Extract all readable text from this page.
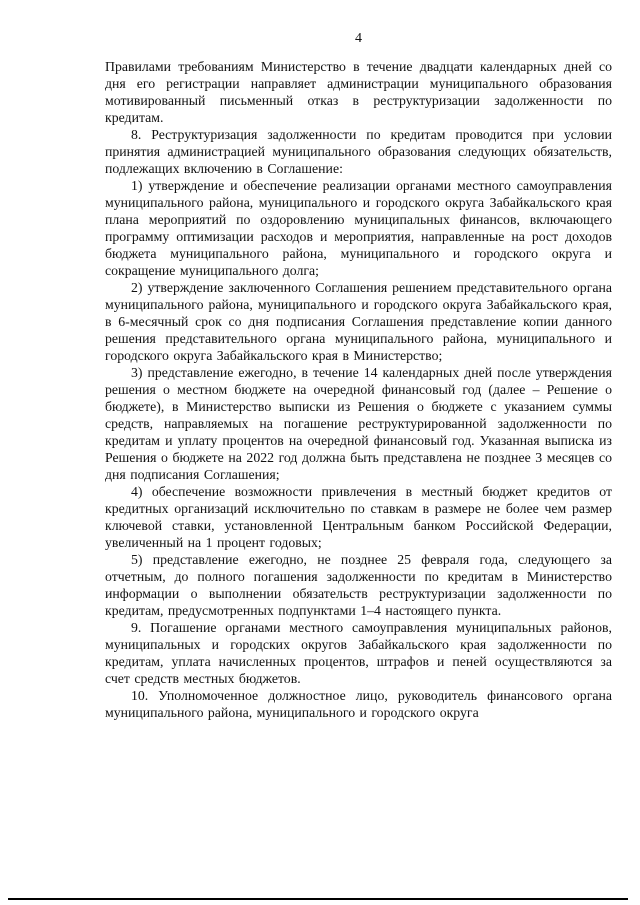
4

Правилами требованиям Министерство в течение двадцати календарных дней со дня его регистрации направляет администрации муниципального образования мотивированный письменный отказ в реструктуризации задолженности по кредитам.

8. Реструктуризация задолженности по кредитам проводится при условии принятия администрацией муниципального образования следующих обязательств, подлежащих включению в Соглашение:

1) утверждение и обеспечение реализации органами местного самоуправления муниципального района, муниципального и городского округа Забайкальского края плана мероприятий по оздоровлению муниципальных финансов, включающего программу оптимизации расходов и мероприятия, направленные на рост доходов бюджета муниципального района, муниципального и городского округа и сокращение муниципального долга;

2) утверждение заключенного Соглашения решением представительного органа муниципального района, муниципального и городского округа Забайкальского края, в 6-месячный срок со дня подписания Соглашения представление копии данного решения представительного органа муниципального района, муниципального и городского округа Забайкальского края в Министерство;

3) представление ежегодно, в течение 14 календарных дней после утверждения решения о местном бюджете на очередной финансовый год (далее – Решение о бюджете), в Министерство выписки из Решения о бюджете с указанием суммы средств, направляемых на погашение реструктурированной задолженности по кредитам и уплату процентов на очередной финансовый год. Указанная выписка из Решения о бюджете на 2022 год должна быть представлена не позднее 3 месяцев со дня подписания Соглашения;

4) обеспечение возможности привлечения в местный бюджет кредитов от кредитных организаций исключительно по ставкам в размере не более чем размер ключевой ставки, установленной Центральным банком Российской Федерации, увеличенный на 1 процент годовых;

5) представление ежегодно, не позднее 25 февраля года, следующего за отчетным, до полного погашения задолженности по кредитам в Министерство информации о выполнении обязательств реструктуризации задолженности по кредитам, предусмотренных подпунктами 1–4 настоящего пункта.

9. Погашение органами местного самоуправления муниципальных районов, муниципальных и городских округов Забайкальского края задолженности по кредитам, уплата начисленных процентов, штрафов и пеней осуществляются за счет средств местных бюджетов.

10. Уполномоченное должностное лицо, руководитель финансового органа муниципального района, муниципального и городского округа
